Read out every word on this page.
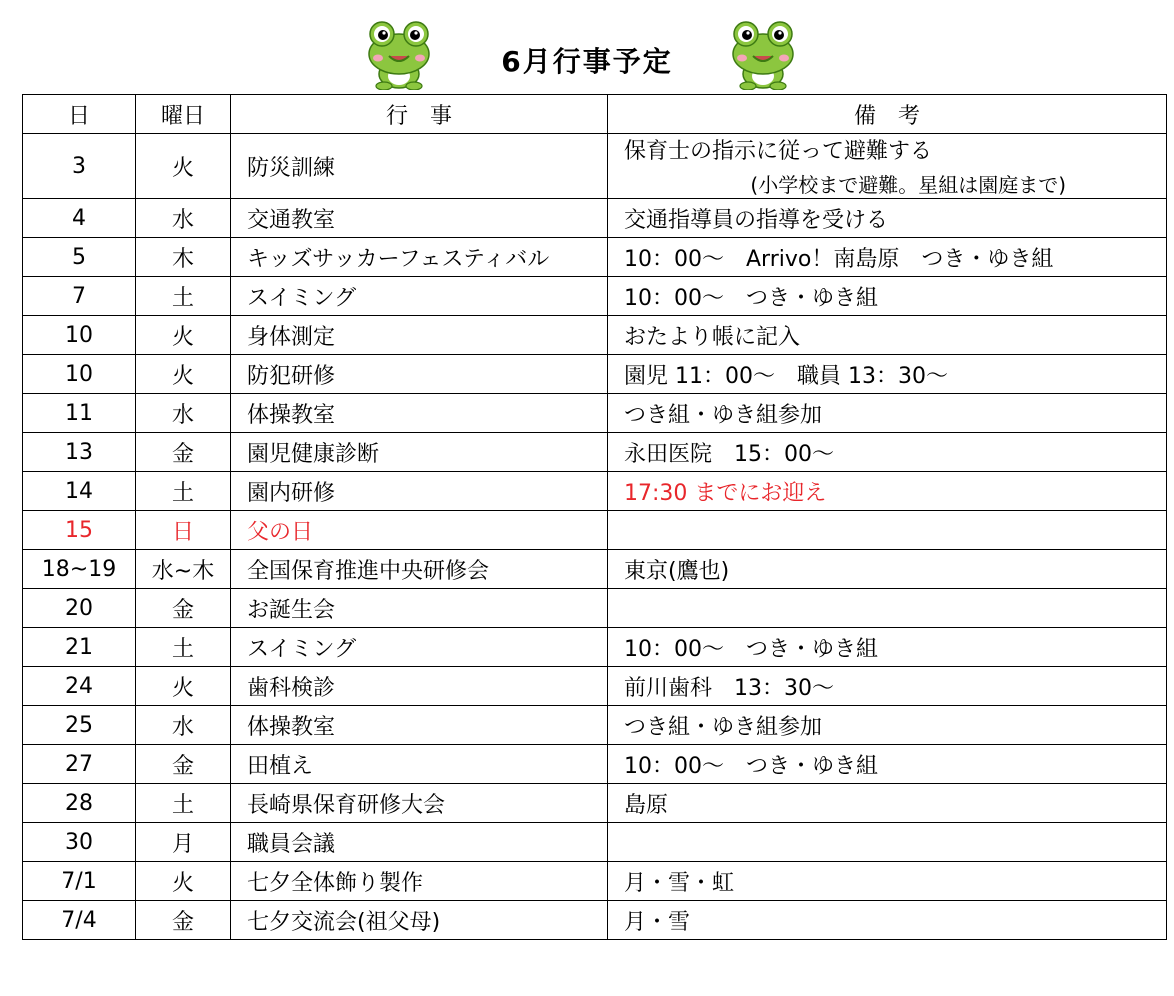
6月行事予定
日	曜日	行　事	備　考
3	火	防災訓練	保育士の指示に従って避難する
(小学校まで避難。星組は園庭まで)

4	水	交通教室	交通指導員の指導を受ける
5	木	キッズサッカーフェスティバル	10：00～　Arrivo！南島原　つき・ゆき組
7	土	スイミング	10：00～　つき・ゆき組
10	火	身体測定	おたより帳に記入
10	火	防犯研修	園児 11：00～　職員 13：30～
11	水	体操教室	つき組・ゆき組参加
13	金	園児健康診断	永田医院　15：00～
14	土	園内研修	17:30 までにお迎え
15	日	父の日	
18~19	水~木	全国保育推進中央研修会	東京(鷹也)
20	金	お誕生会	
21	土	スイミング	10：00～　つき・ゆき組
24	火	歯科検診	前川歯科　13：30～
25	水	体操教室	つき組・ゆき組参加
27	金	田植え	10：00～　つき・ゆき組
28	土	長崎県保育研修大会	島原
30	月	職員会議	
7/1	火	七夕全体飾り製作	月・雪・虹
7/4	金	七夕交流会(祖父母)	月・雪
